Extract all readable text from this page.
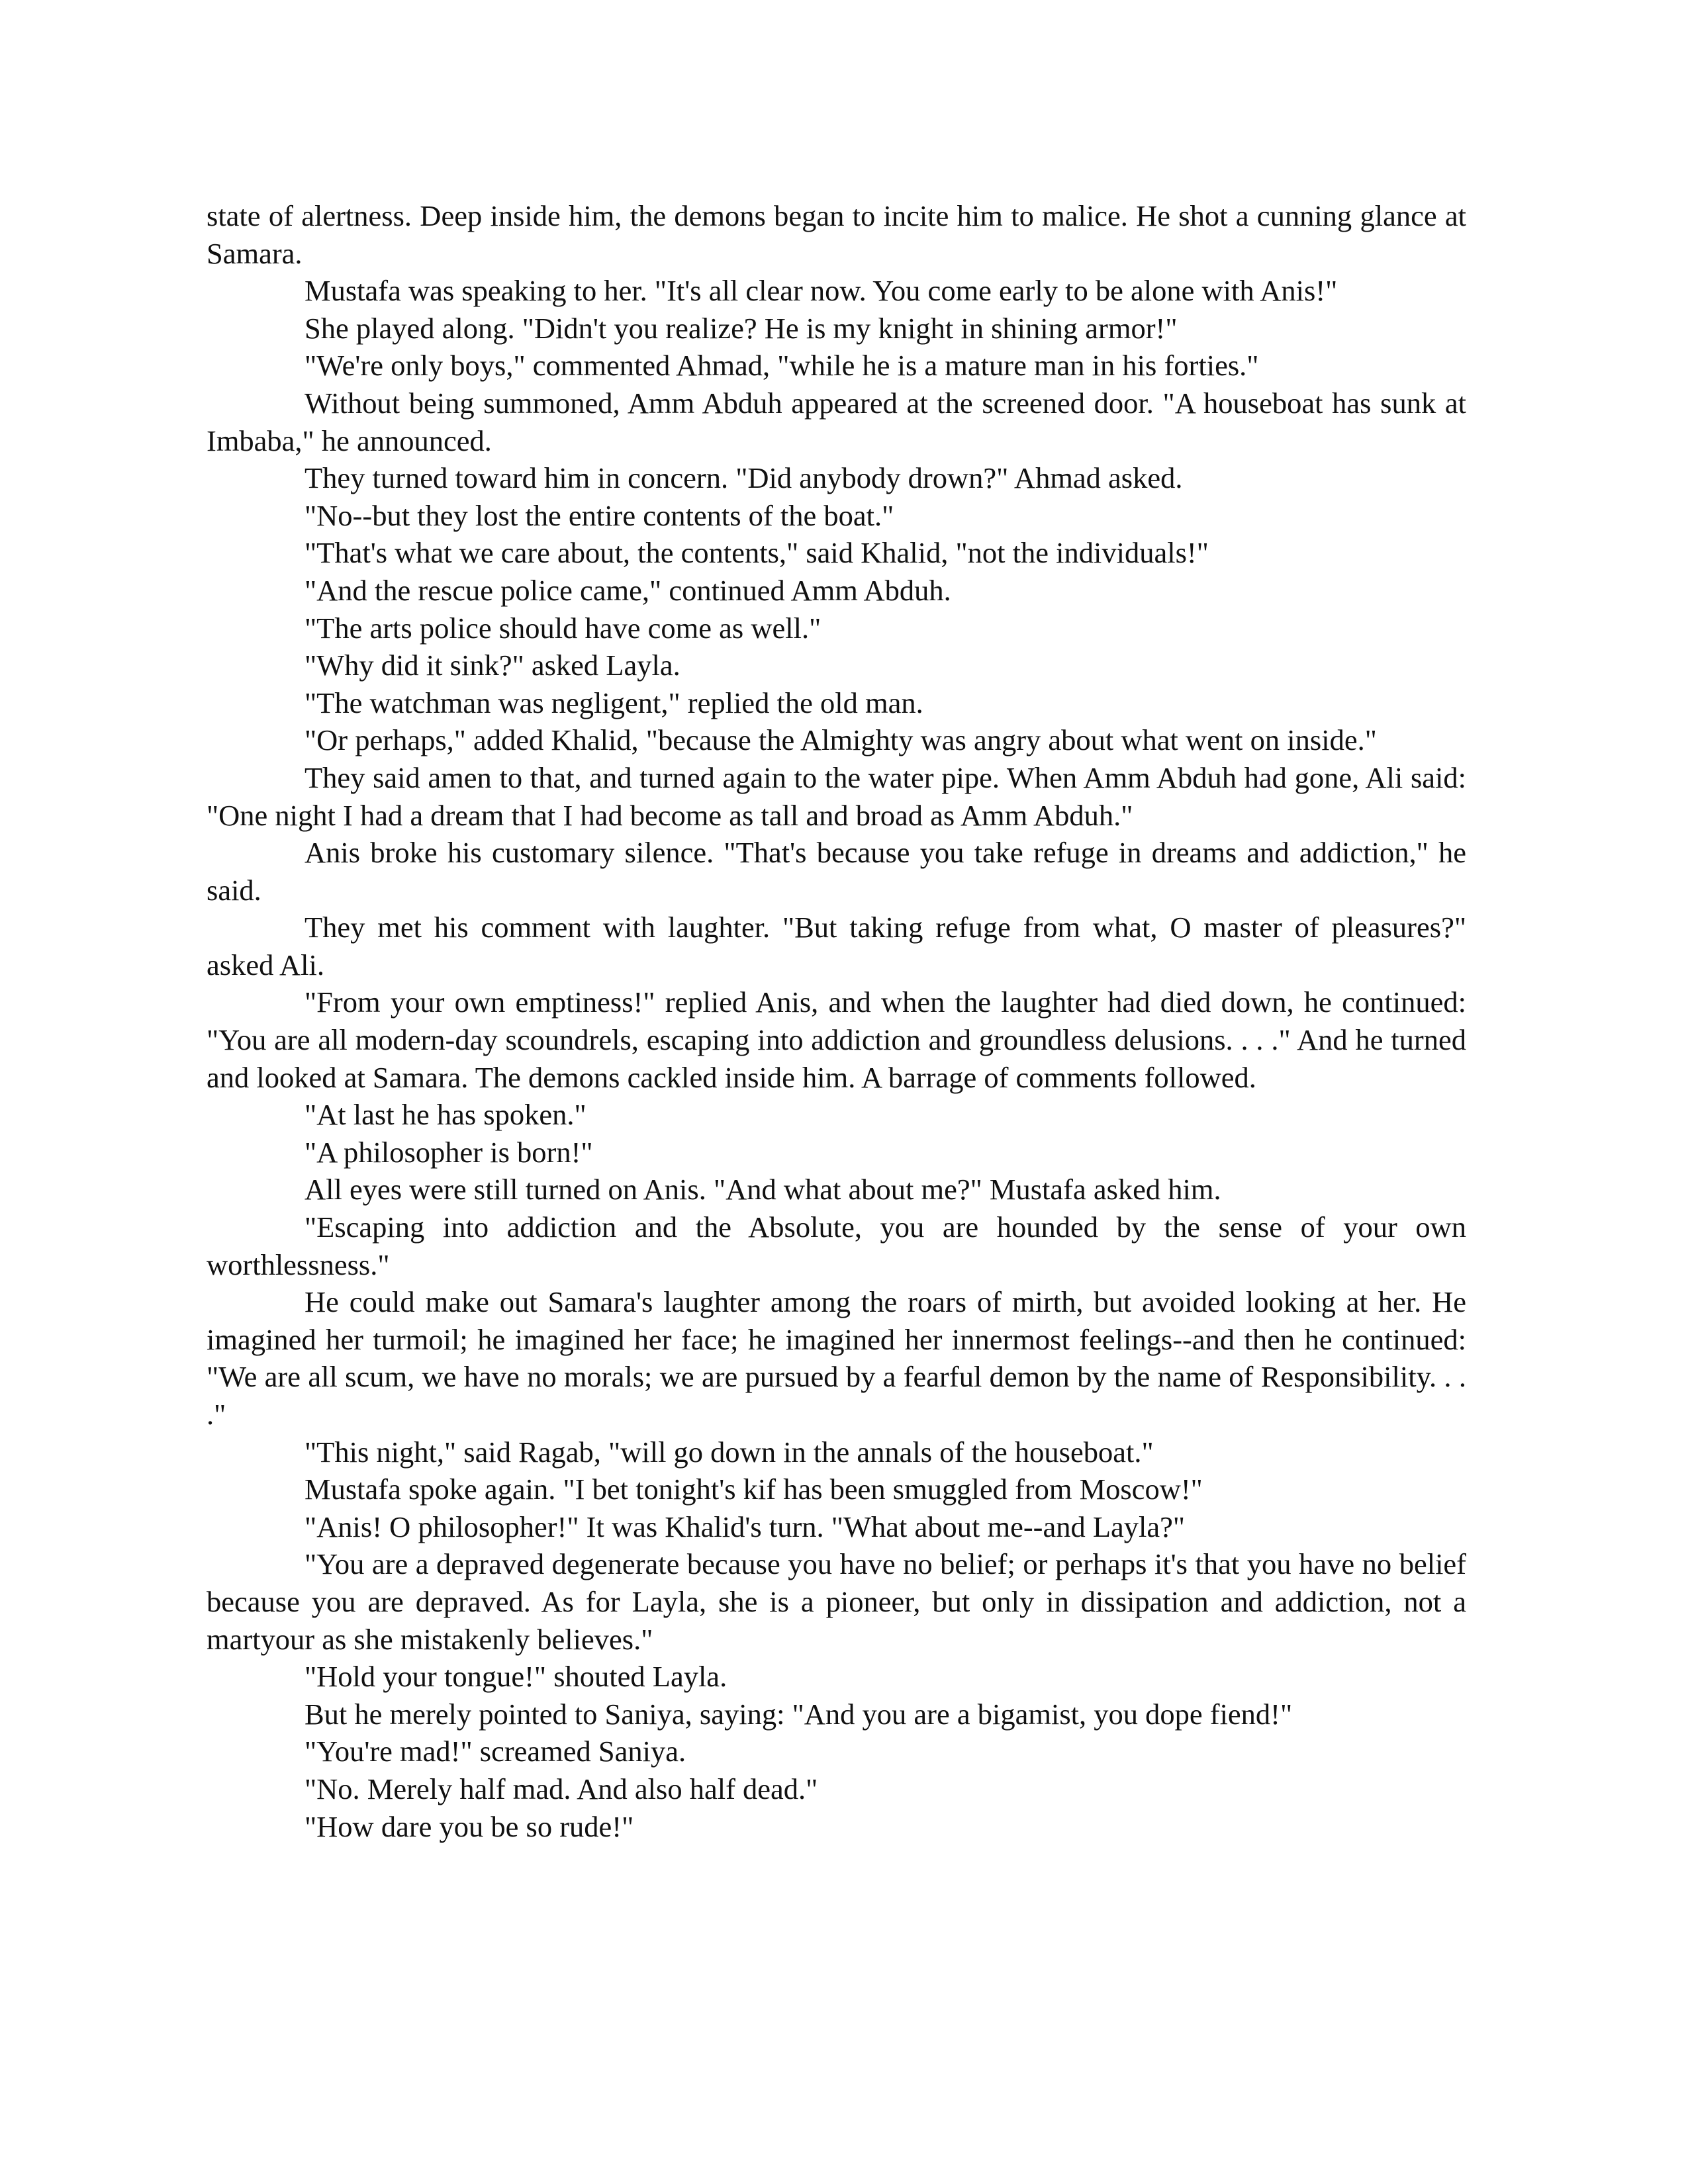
state of alertness. Deep inside him, the demons began to incite him to malice. He shot a cunning glance at Samara.

Mustafa was speaking to her. "It's all clear now. You come early to be alone with Anis!"

She played along. "Didn't you realize? He is my knight in shining armor!"

"We're only boys," commented Ahmad, "while he is a mature man in his forties."

Without being summoned, Amm Abduh appeared at the screened door. "A houseboat has sunk at Imbaba," he announced.

They turned toward him in concern. "Did anybody drown?" Ahmad asked.

"No--but they lost the entire contents of the boat."

"That's what we care about, the contents," said Khalid, "not the individuals!"

"And the rescue police came," continued Amm Abduh.

"The arts police should have come as well."

"Why did it sink?" asked Layla.

"The watchman was negligent," replied the old man.

"Or perhaps," added Khalid, "because the Almighty was angry about what went on inside."

They said amen to that, and turned again to the water pipe. When Amm Abduh had gone, Ali said: "One night I had a dream that I had become as tall and broad as Amm Abduh."

Anis broke his customary silence. "That's because you take refuge in dreams and addiction," he said.

They met his comment with laughter. "But taking refuge from what, O master of pleasures?" asked Ali.

"From your own emptiness!" replied Anis, and when the laughter had died down, he continued: "You are all modern-day scoundrels, escaping into addiction and groundless delusions. . . ." And he turned and looked at Samara. The demons cackled inside him. A barrage of comments followed.

"At last he has spoken."

"A philosopher is born!"

All eyes were still turned on Anis. "And what about me?" Mustafa asked him.

"Escaping into addiction and the Absolute, you are hounded by the sense of your own worthlessness."

He could make out Samara's laughter among the roars of mirth, but avoided looking at her. He imagined her turmoil; he imagined her face; he imagined her innermost feelings--and then he continued: "We are all scum, we have no morals; we are pursued by a fearful demon by the name of Responsibility. . . ."

"This night," said Ragab, "will go down in the annals of the houseboat."

Mustafa spoke again. "I bet tonight's kif has been smuggled from Moscow!"

"Anis! O philosopher!" It was Khalid's turn. "What about me--and Layla?"

"You are a depraved degenerate because you have no belief; or perhaps it's that you have no belief because you are depraved. As for Layla, she is a pioneer, but only in dissipation and addiction, not a martyour as she mistakenly believes."

"Hold your tongue!" shouted Layla.

But he merely pointed to Saniya, saying: "And you are a bigamist, you dope fiend!"

"You're mad!" screamed Saniya.

"No. Merely half mad. And also half dead."

"How dare you be so rude!"
